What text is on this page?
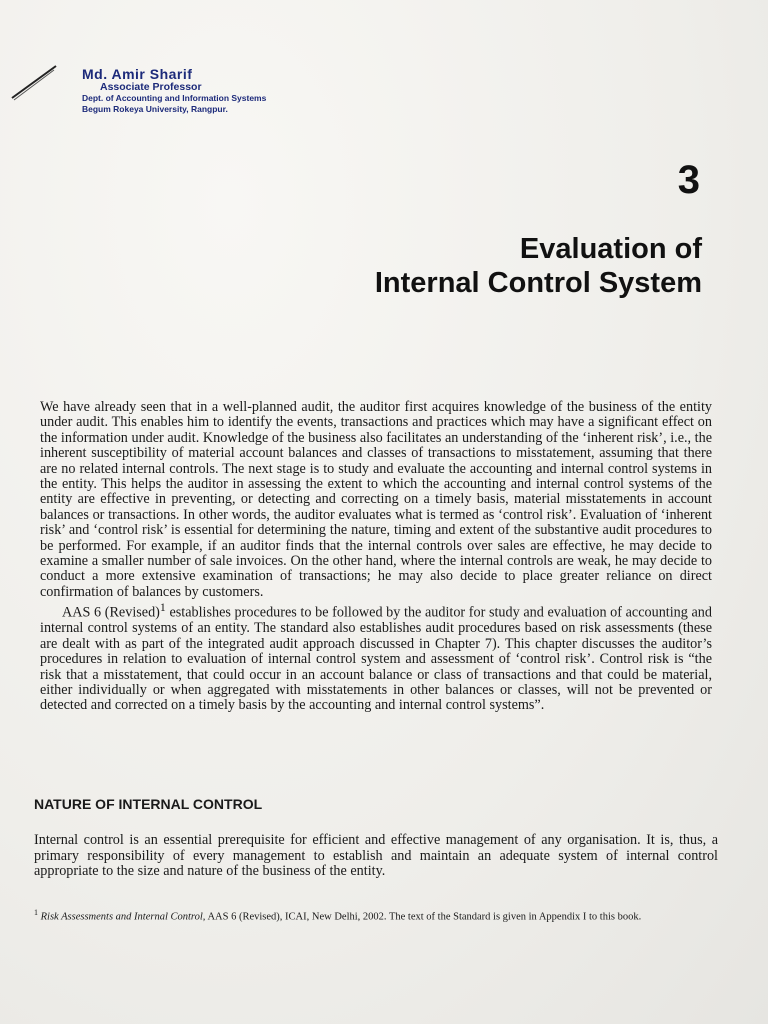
Md. Amir Sharif
Associate Professor
Dept. of Accounting and Information Systems
Begum Rokeya University, Rangpur.
3
Evaluation of
Internal Control System

We have already seen that in a well-planned audit, the auditor first acquires knowledge of the business of the entity under audit. This enables him to identify the events, transactions and practices which may have a significant effect on the information under audit. Knowledge of the business also facilitates an understanding of the ‘inherent risk’, i.e., the inherent susceptibility of material account balances and classes of transactions to misstatement, assuming that there are no related internal controls. The next stage is to study and evaluate the accounting and internal control systems in the entity. This helps the auditor in assessing the extent to which the accounting and internal control systems of the entity are effective in preventing, or detecting and correcting on a timely basis, material misstatements in account balances or transactions. In other words, the auditor evaluates what is termed as ‘control risk’. Evaluation of ‘inherent risk’ and ‘control risk’ is essential for determining the nature, timing and extent of the substantive audit procedures to be performed. For example, if an auditor finds that the internal controls over sales are effective, he may decide to examine a smaller number of sale invoices. On the other hand, where the internal controls are weak, he may decide to conduct a more extensive examination of transactions; he may also decide to place greater reliance on direct confirmation of balances by customers.

AAS 6 (Revised)$^1$ establishes procedures to be followed by the auditor for study and evaluation of accounting and internal control systems of an entity. The standard also establishes audit procedures based on risk assessments (these are dealt with as part of the integrated audit approach discussed in Chapter 7). This chapter discusses the auditor’s procedures in relation to evaluation of internal control system and assessment of ‘control risk’. Control risk is “the risk that a misstatement, that could occur in an account balance or class of transactions and that could be material, either individually or when aggregated with misstatements in other balances or classes, will not be prevented or detected and corrected on a timely basis by the accounting and internal control systems”.

NATURE OF INTERNAL CONTROL

Internal control is an essential prerequisite for efficient and effective management of any organisation. It is, thus, a primary responsibility of every management to establish and maintain an adequate system of internal control appropriate to the size and nature of the business of the entity.

$^1$ Risk Assessments and Internal Control, AAS 6 (Revised), ICAI, New Delhi, 2002. The text of the Standard is given in Appendix I to this book.
